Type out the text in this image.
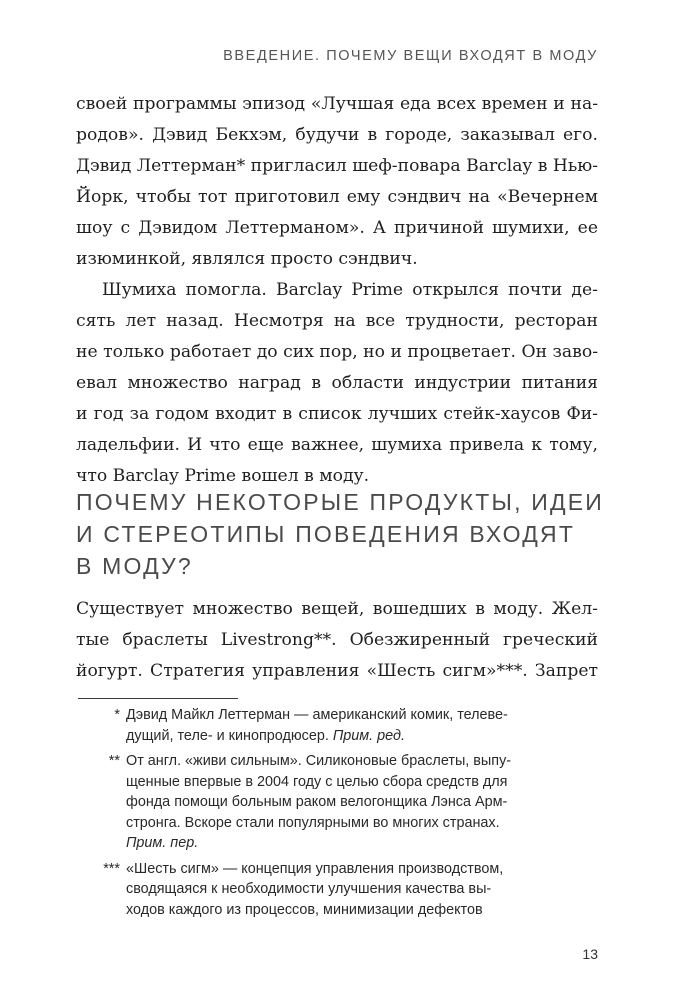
ВВЕДЕНИЕ. ПОЧЕМУ ВЕЩИ ВХОДЯТ В МОДУ

своей программы эпизод «Лучшая еда всех времен и на-
родов». Дэвид Бекхэм, будучи в городе, заказывал его.
Дэвид Леттерман* пригласил шеф-повара Barclay в Нью-
Йорк, чтобы тот приготовил ему сэндвич на «Вечернем
шоу с Дэвидом Леттерманом». А причиной шумихи, ее
изюминкой, являлся просто сэндвич.

Шумиха помогла. Barclay Prime открылся почти де-
сять лет назад. Несмотря на все трудности, ресторан
не только работает до сих пор, но и процветает. Он заво-
евал множество наград в области индустрии питания
и год за годом входит в список лучших стейк-хаусов Фи-
ладельфии. И что еще важнее, шумиха привела к тому,
что Barclay Prime вошел в моду.

ПОЧЕМУ НЕКОТОРЫЕ ПРОДУКТЫ, ИДЕИ
И СТЕРЕОТИПЫ ПОВЕДЕНИЯ ВХОДЯТ
В МОДУ?

Существует множество вещей, вошедших в моду. Жел-
тые браслеты Livestrong**. Обезжиренный греческий
йогурт. Стратегия управления «Шесть сигм»***. Запрет

* Дэвид Майкл Леттерман — американский комик, телеве-
дущий, теле- и кинопродюсер. Прим. ред.
** От англ. «живи сильным». Силиконовые браслеты, выпу-
щенные впервые в 2004 году с целью сбора средств для
фонда помощи больным раком велогонщика Лэнса Арм-
стронга. Вскоре стали популярными во многих странах.
Прим. пер.
*** «Шесть сигм» — концепция управления производством,
сводящаяся к необходимости улучшения качества вы-
ходов каждого из процессов, минимизации дефектов
13
